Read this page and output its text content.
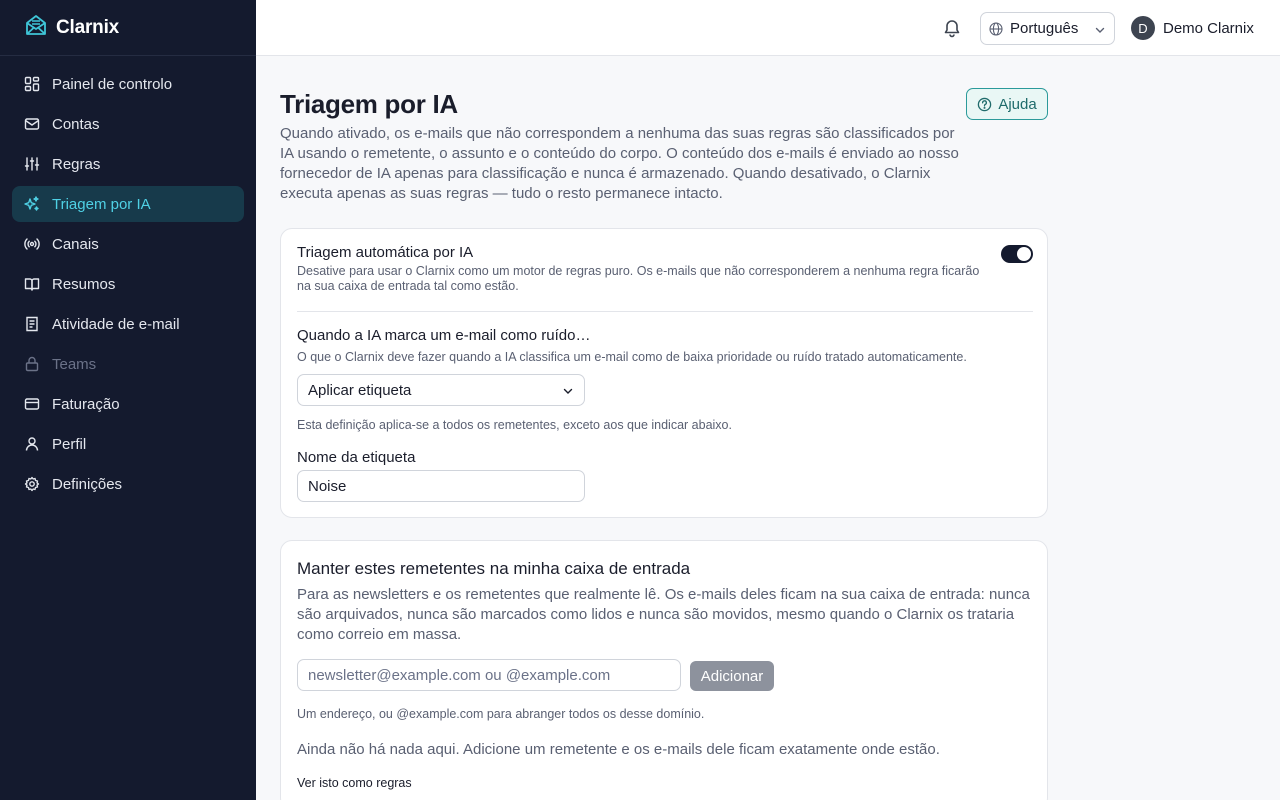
Clarnix
Painel de controlo
Contas
Regras
Triagem por IA
Canais
Resumos
Atividade de e-mail
Teams
Faturação
Perfil
Definições
Português	D	Demo Clarnix
Triagem por IA	Ajuda

Quando ativado, os e-mails que não correspondem a nenhuma das suas regras são classificados por IA usando o remetente, o assunto e o conteúdo do corpo. O conteúdo dos e-mails é enviado ao nosso fornecedor de IA apenas para classificação e nunca é armazenado. Quando desativado, o Clarnix executa apenas as suas regras — tudo o resto permanece intacto.

Triagem automática por IA
Desative para usar o Clarnix como um motor de regras puro. Os e-mails que não corresponderem a nenhuma regra ficarão na sua caixa de entrada tal como estão.
Quando a IA marca um e-mail como ruído…
O que o Clarnix deve fazer quando a IA classifica um e-mail como de baixa prioridade ou ruído tratado automaticamente.
Aplicar etiqueta
Esta definição aplica-se a todos os remetentes, exceto aos que indicar abaixo.
Nome da etiqueta
Noise
Manter estes remetentes na minha caixa de entrada
Para as newsletters e os remetentes que realmente lê. Os e-mails deles ficam na sua caixa de entrada: nunca são arquivados, nunca são marcados como lidos e nunca são movidos, mesmo quando o Clarnix os trataria como correio em massa.
newsletter@example.com ou @example.com
Adicionar
Um endereço, ou @example.com para abranger todos os desse domínio.
Ainda não há nada aqui. Adicione um remetente e os e-mails dele ficam exatamente onde estão.
Ver isto como regras
